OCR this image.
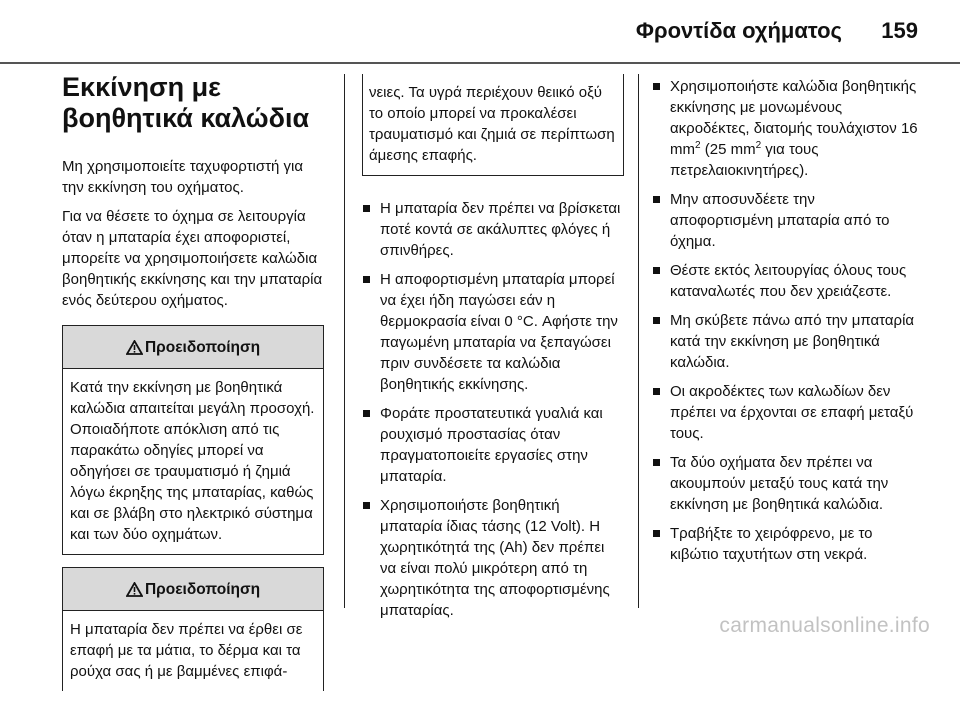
Φροντίδα οχήματος 159
Εκκίνηση με βοηθητικά καλώδια

Μη χρησιμοποιείτε ταχυφορτιστή για την εκκίνηση του οχήματος.

Για να θέσετε το όχημα σε λειτουργία όταν η μπαταρία έχει αποφοριστεί, μπορείτε να χρησιμοποιήσετε καλώδια βοηθητικής εκκίνησης και την μπαταρία ενός δεύτερου οχήματος.

Προειδοποίηση
Κατά την εκκίνηση με βοηθητικά καλώδια απαιτείται μεγάλη προσοχή. Οποιαδήποτε απόκλιση από τις παρακάτω οδηγίες μπορεί να οδηγήσει σε τραυματισμό ή ζημιά λόγω έκρηξης της μπαταρίας, καθώς και σε βλάβη στο ηλεκτρικό σύστημα και των δύο οχημάτων.
Προειδοποίηση
Η μπαταρία δεν πρέπει να έρθει σε επαφή με τα μάτια, το δέρμα και τα ρούχα σας ή με βαμμένες επιφά-
νειες. Τα υγρά περιέχουν θειικό οξύ το οποίο μπορεί να προκαλέσει τραυματισμό και ζημιά σε περίπτωση άμεσης επαφής.
Η μπαταρία δεν πρέπει να βρίσκεται ποτέ κοντά σε ακάλυπτες φλόγες ή σπινθήρες.
Η αποφορτισμένη μπαταρία μπορεί να έχει ήδη παγώσει εάν η θερμοκρασία είναι 0 °C. Αφήστε την παγωμένη μπαταρία να ξεπαγώσει πριν συνδέσετε τα καλώδια βοηθητικής εκκίνησης.
Φοράτε προστατευτικά γυαλιά και ρουχισμό προστασίας όταν πραγματοποιείτε εργασίες στην μπαταρία.
Χρησιμοποιήστε βοηθητική μπαταρία ίδιας τάσης (12 Volt). Η χωρητικότητά της (Ah) δεν πρέπει να είναι πολύ μικρότερη από τη χωρητικότητα της αποφορτισμένης μπαταρίας.
Χρησιμοποιήστε καλώδια βοηθητικής εκκίνησης με μονωμένους ακροδέκτες, διατομής τουλάχιστον 16 $mm^2$ (25 $mm^2$ για τους πετρελαιοκινητήρες).
Μην αποσυνδέετε την αποφορτισμένη μπαταρία από το όχημα.
Θέστε εκτός λειτουργίας όλους τους καταναλωτές που δεν χρειάζεστε.
Μη σκύβετε πάνω από την μπαταρία κατά την εκκίνηση με βοηθητικά καλώδια.
Οι ακροδέκτες των καλωδίων δεν πρέπει να έρχονται σε επαφή μεταξύ τους.
Τα δύο οχήματα δεν πρέπει να ακουμπούν μεταξύ τους κατά την εκκίνηση με βοηθητικά καλώδια.
Τραβήξτε το χειρόφρενο, με το κιβώτιο ταχυτήτων στη νεκρά.
carmanualsonline.info
